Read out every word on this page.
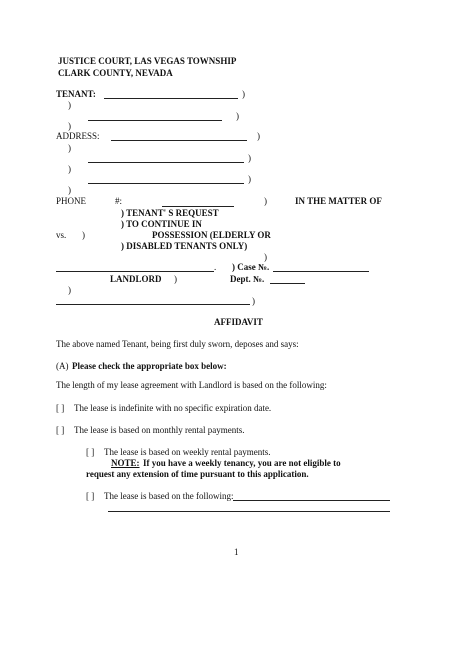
JUSTICE COURT, LAS VEGAS TOWNSHIP
CLARK COUNTY, NEVADA
TENANT:	)
)
)
)
ADDRESS:	)
)
)
)
)
)
PHONE	#:	)	IN THE MATTER OF
) TENANT' S REQUEST
) TO CONTINUE IN
vs. )	POSSESSION (ELDERLY OR
) DISABLED TENANTS ONLY)
)
. ) Case №.
LANDLORD )	Dept. №.
)
)
AFFIDAVIT
The above named Tenant, being first duly sworn, deposes and says:
(A) Please check the appropriate box below:
The length of my lease agreement with Landlord is based on the following:
[ ] The lease is indefinite with no specific expiration date.
[ ] The lease is based on monthly rental payments.
[ ] The lease is based on weekly rental payments.
NOTE: If you have a weekly tenancy, you are not eligible to
request any extension of time pursuant to this application.
[ ] The lease is based on the following:
1
